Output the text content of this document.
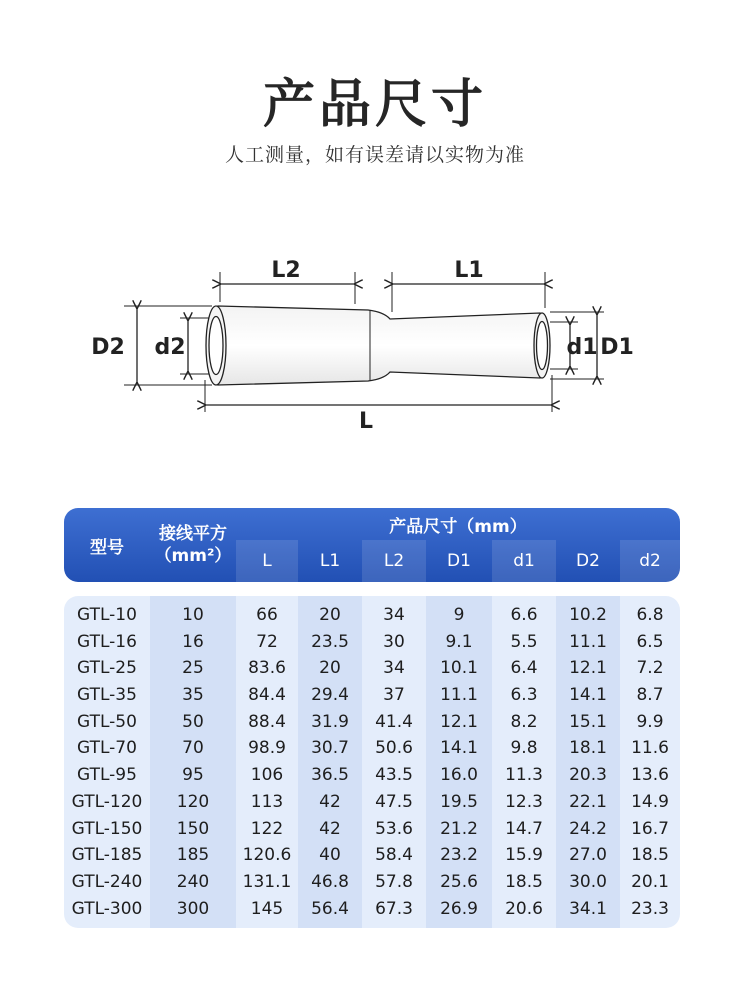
产品尺寸
人工测量，如有误差请以实物为准
L2	L1
D2 d2	d1 D1
L
型号
接线平方
（mm²）
产品尺寸（mm）
L	L1	L2	D1	d1	D2	d2
GTL-10	10	66	20	34	9	6.6	10.2	6.8
GTL-16	16	72	23.5	30	9.1	5.5	11.1	6.5
GTL-25	25	83.6	20	34	10.1	6.4	12.1	7.2
GTL-35	35	84.4	29.4	37	11.1	6.3	14.1	8.7
GTL-50	50	88.4	31.9	41.4	12.1	8.2	15.1	9.9
GTL-70	70	98.9	30.7	50.6	14.1	9.8	18.1	11.6
GTL-95	95	106	36.5	43.5	16.0	11.3	20.3	13.6
GTL-120	120	113	42	47.5	19.5	12.3	22.1	14.9
GTL-150	150	122	42	53.6	21.2	14.7	24.2	16.7
GTL-185	185	120.6	40	58.4	23.2	15.9	27.0	18.5
GTL-240	240	131.1	46.8	57.8	25.6	18.5	30.0	20.1
GTL-300	300	145	56.4	67.3	26.9	20.6	34.1	23.3
